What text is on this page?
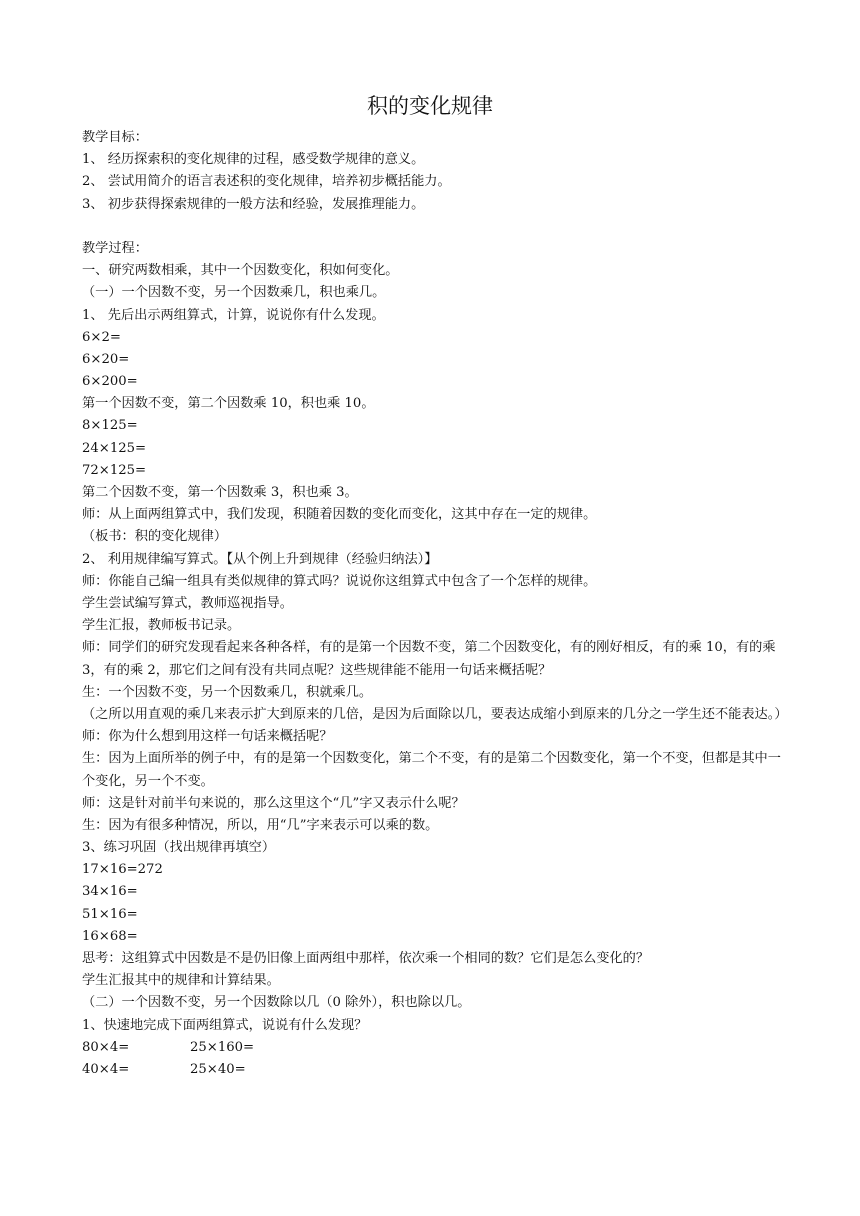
积的变化规律
教学目标：
1、 经历探索积的变化规律的过程，感受数学规律的意义。
2、 尝试用简介的语言表述积的变化规律，培养初步概括能力。
3、 初步获得探索规律的一般方法和经验，发展推理能力。
教学过程：
一、研究两数相乘，其中一个因数变化，积如何变化。
（一）一个因数不变，另一个因数乘几，积也乘几。
1、 先后出示两组算式，计算，说说你有什么发现。
6×2=
6×20=
6×200=
第一个因数不变，第二个因数乘 10，积也乘 10。
8×125=
24×125=
72×125=
第二个因数不变，第一个因数乘 3，积也乘 3。
师：从上面两组算式中，我们发现，积随着因数的变化而变化，这其中存在一定的规律。
（板书：积的变化规律）
2、 利用规律编写算式。【从个例上升到规律（经验归纳法）】
师：你能自己编一组具有类似规律的算式吗？说说你这组算式中包含了一个怎样的规律。
学生尝试编写算式，教师巡视指导。
学生汇报，教师板书记录。
师：同学们的研究发现看起来各种各样，有的是第一个因数不变，第二个因数变化，有的刚好相反，有的乘 10，有的乘 3，有的乘 2，那它们之间有没有共同点呢？这些规律能不能用一句话来概括呢？
生：一个因数不变，另一个因数乘几，积就乘几。
（之所以用直观的乘几来表示扩大到原来的几倍，是因为后面除以几，要表达成缩小到原来的几分之一学生还不能表达。）
师：你为什么想到用这样一句话来概括呢？
生：因为上面所举的例子中，有的是第一个因数变化，第二个不变，有的是第二个因数变化，第一个不变，但都是其中一个变化，另一个不变。
师：这是针对前半句来说的，那么这里这个“几”字又表示什么呢？
生：因为有很多种情况，所以，用“几”字来表示可以乘的数。
3、练习巩固（找出规律再填空）
17×16=272
34×16=
51×16=
16×68=
思考：这组算式中因数是不是仍旧像上面两组中那样，依次乘一个相同的数？它们是怎么变化的？
学生汇报其中的规律和计算结果。
（二）一个因数不变，另一个因数除以几（0 除外），积也除以几。
1、快速地完成下面两组算式，说说有什么发现？
80×4=	25×160=
40×4=	25×40=
